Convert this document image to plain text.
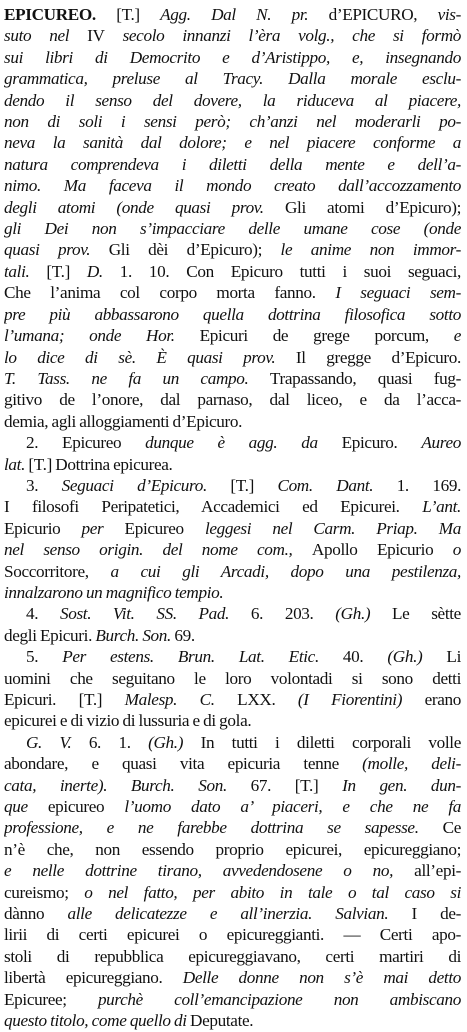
EPICUREO. [T.] Agg. Dal N. pr. d’EPICURO, vis-
suto nel IV secolo innanzi l’èra volg., che si formò
sui libri di Democrito e d’Aristippo, e, insegnando
grammatica, preluse al Tracy. Dalla morale esclu-
dendo il senso del dovere, la riduceva al piacere,
non di soli i sensi però; ch’anzi nel moderarli po-
neva la sanità dal dolore; e nel piacere conforme a
natura comprendeva i diletti della mente e dell’a-
nimo. Ma faceva il mondo creato dall’accozzamento
degli atomi (onde quasi prov. Gli atomi d’Epicuro);
gli Dei non s’impacciare delle umane cose (onde
quasi prov. Gli dèi d’Epicuro); le anime non immor-
tali. [T.] D. 1. 10. Con Epicuro tutti i suoi seguaci,
Che l’anima col corpo morta fanno. I seguaci sem-
pre più abbassarono quella dottrina filosofica sotto
l’umana; onde Hor. Epicuri de grege porcum, e
lo dice di sè. È quasi prov. Il gregge d’Epicuro.
T. Tass. ne fa un campo. Trapassando, quasi fug-
gitivo de l’onore, dal parnaso, dal liceo, e da l’acca-
demia, agli alloggiamenti d’Epicuro.
2. Epicureo dunque è agg. da Epicuro. Aureo
lat. [T.] Dottrina epicurea.
3. Seguaci d’Epicuro. [T.] Com. Dant. 1. 169.
I filosofi Peripatetici, Accademici ed Epicurei. L’ant.
Epicurio per Epicureo leggesi nel Carm. Priap. Ma
nel senso origin. del nome com., Apollo Epicurio o
Soccorritore, a cui gli Arcadi, dopo una pestilenza,
innalzarono un magnifico tempio.
4. Sost. Vit. SS. Pad. 6. 203. (Gh.) Le sètte
degli Epicuri. Burch. Son. 69.
5. Per estens. Brun. Lat. Etic. 40. (Gh.) Li
uomini che seguitano le loro volontadi si sono detti
Epicuri. [T.] Malesp. C. LXX. (I Fiorentini) erano
epicurei e di vizio di lussuria e di gola.
G. V. 6. 1. (Gh.) In tutti i diletti corporali volle
abondare, e quasi vita epicuria tenne (molle, deli-
cata, inerte). Burch. Son. 67. [T.] In gen. dun-
que epicureo l’uomo dato a’ piaceri, e che ne fa
professione, e ne farebbe dottrina se sapesse. Ce
n’è che, non essendo proprio epicurei, epicureggiano;
e nelle dottrine tirano, avvedendosene o no, all’epi-
cureismo; o nel fatto, per abito in tale o tal caso si
dànno alle delicatezze e all’inerzia. Salvian. I de-
lirii di certi epicurei o epicureggianti. — Certi apo-
stoli di repubblica epicureggiavano, certi martiri di
libertà epicureggiano. Delle donne non s’è mai detto
Epicuree; purchè coll’emancipazione non ambiscano
questo titolo, come quello di Deputate.
